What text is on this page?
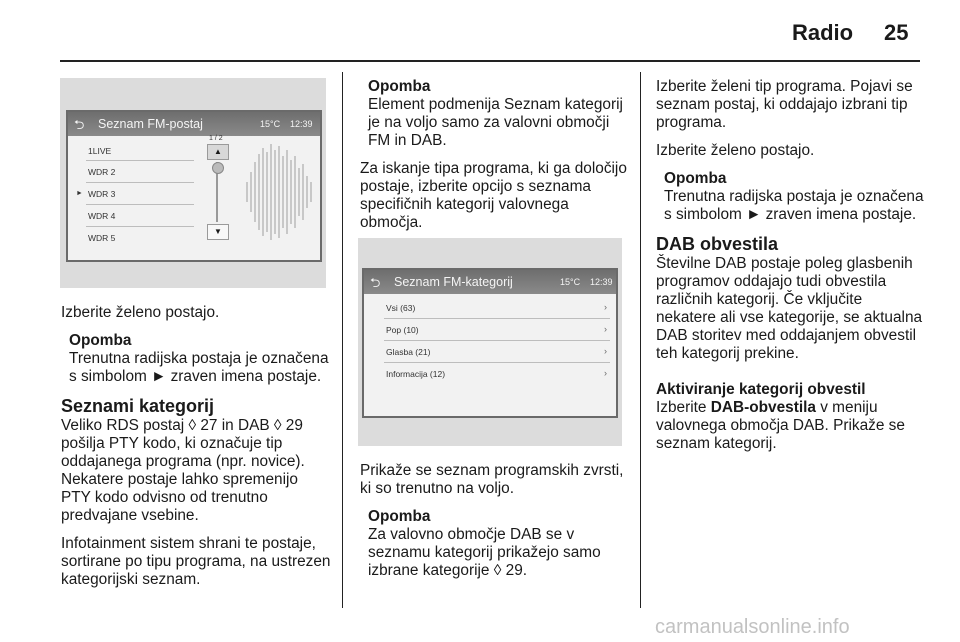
Radio 25
⮌ Seznam FM-postaj	15°C 12:39
1LIVE
WDR 2
► WDR 3
WDR 4
WDR 5
1 / 2
▲
▼

Izberite želeno postajo.

Opomba
Trenutna radijska postaja je označena s simbolom ► zraven imena postaje.
Seznami kategorij

Veliko RDS postaj ◊ 27 in DAB ◊ 29 pošilja PTY kodo, ki označuje tip oddajanega programa (npr. novice). Nekatere postaje lahko spremenijo PTY kodo odvisno od trenutno predvajane vsebine.

Infotainment sistem shrani te postaje, sortirane po tipu programa, na ustrezen kategorijski seznam.

Opomba
Element podmenija Seznam kategorij je na voljo samo za valovni območji FM in DAB.

Za iskanje tipa programa, ki ga določijo postaje, izberite opcijo s seznama specifičnih kategorij valovnega območja.

⮌ Seznam FM-kategorij	15°C 12:39
Vsi (63)	›
Pop (10)	›
Glasba (21)	›
Informacija (12)	›

Prikaže se seznam programskih zvrsti, ki so trenutno na voljo.

Opomba
Za valovno območje DAB se v seznamu kategorij prikažejo samo izbrane kategorije ◊ 29.

Izberite želeni tip programa. Pojavi se seznam postaj, ki oddajajo izbrani tip programa.

Izberite želeno postajo.

Opomba
Trenutna radijska postaja je označena s simbolom ► zraven imena postaje.
DAB obvestila

Številne DAB postaje poleg glasbenih programov oddajajo tudi obvestila različnih kategorij. Če vključite nekatere ali vse kategorije, se aktualna DAB storitev med oddajanjem obvestil teh kategorij prekine.

Aktiviranje kategorij obvestil

Izberite DAB-obvestila v meniju valovnega območja DAB. Prikaže se seznam kategorij.

carmanualsonline.info
